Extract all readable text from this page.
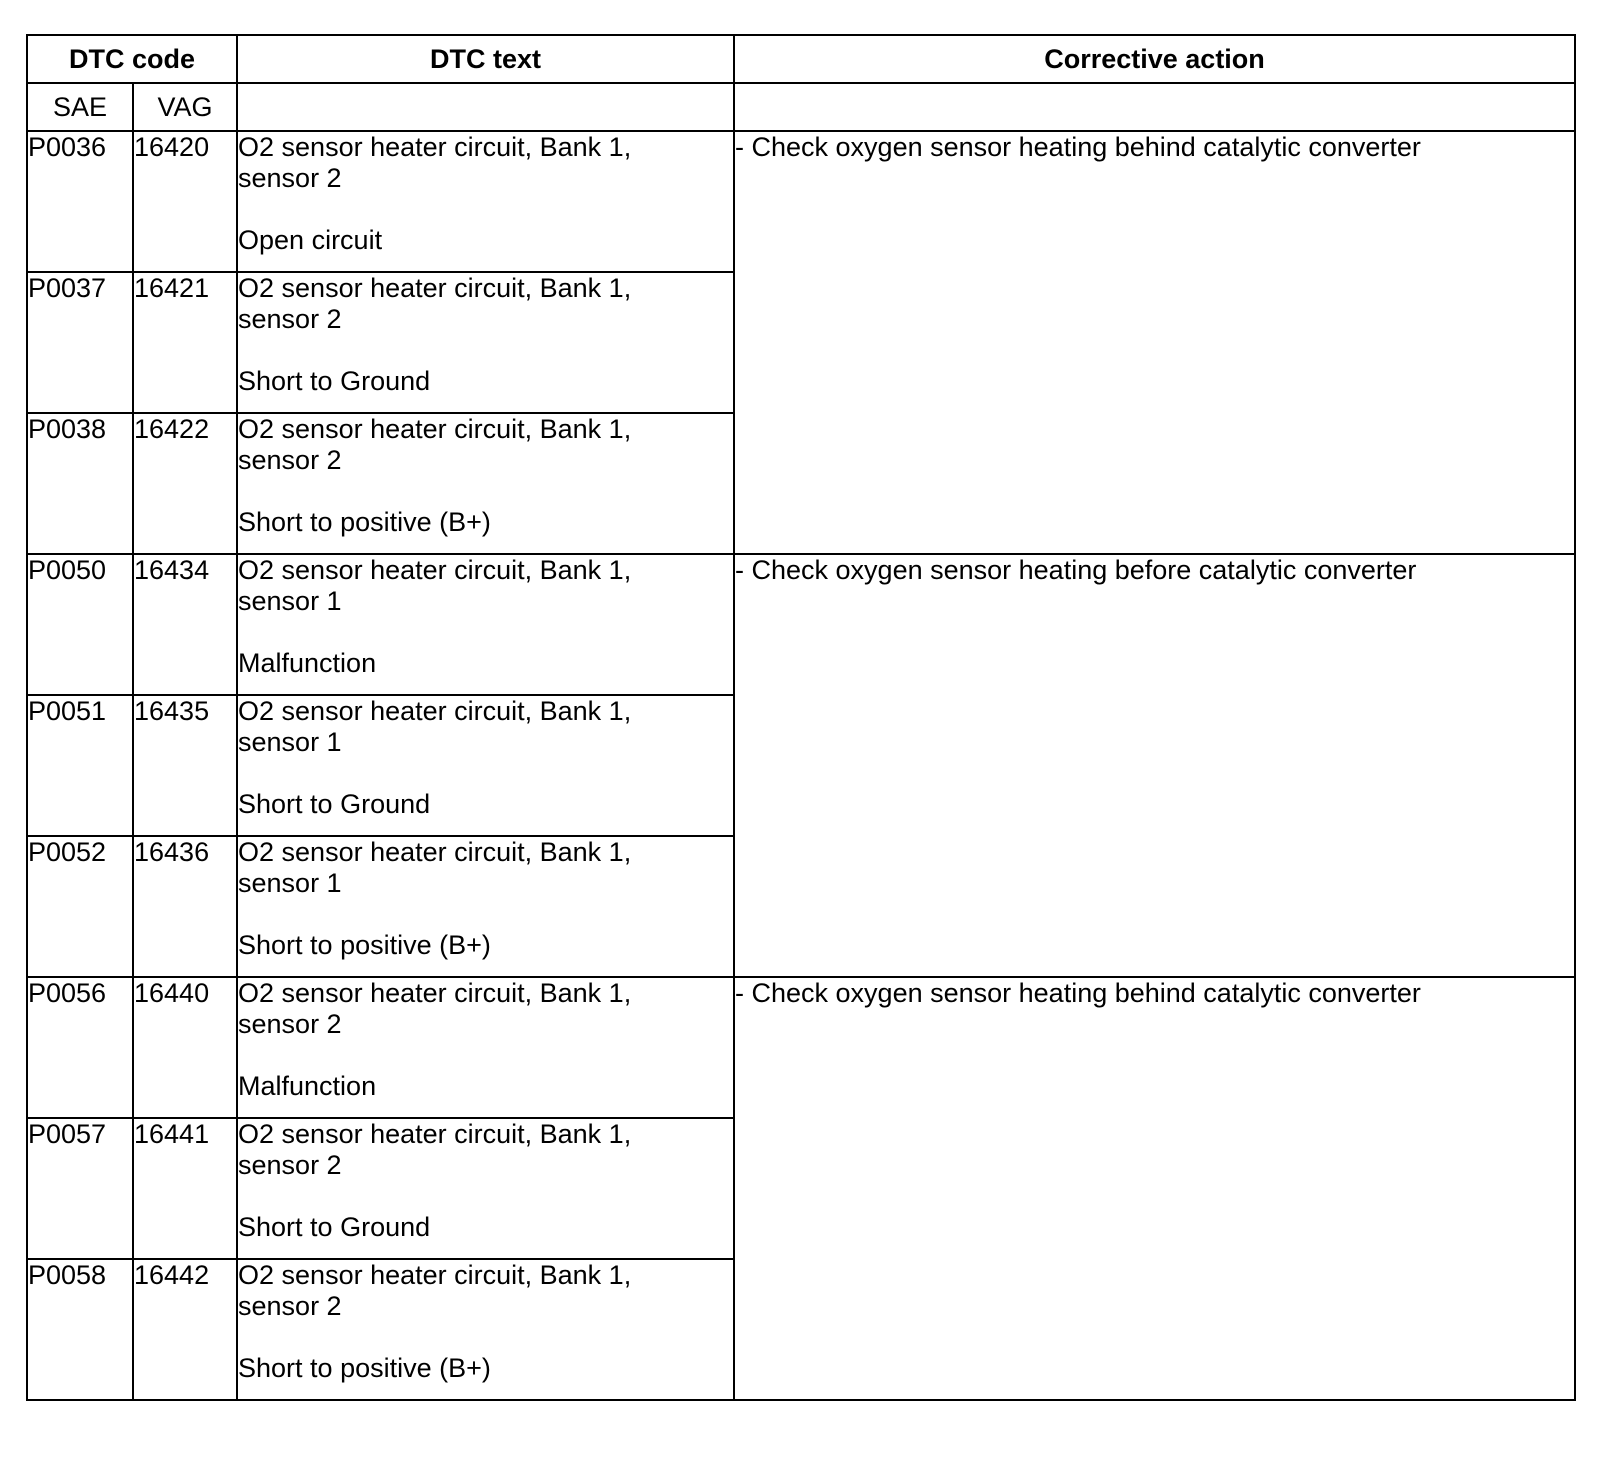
DTC code		DTC text	Corrective action
SAE	VAG		
P0036	16420	O2 sensor heater circuit, Bank 1,
sensor 2
Open circuit	- Check oxygen sensor heating behind catalytic converter
P0037	16421	O2 sensor heater circuit, Bank 1,
sensor 2
Short to Ground	

P0038	16422	O2 sensor heater circuit, Bank 1,
sensor 2
Short to positive (B+)	

P0050	16434	O2 sensor heater circuit, Bank 1,
sensor 1
Malfunction	- Check oxygen sensor heating before catalytic converter
P0051	16435	O2 sensor heater circuit, Bank 1,
sensor 1
Short to Ground	

P0052	16436	O2 sensor heater circuit, Bank 1,
sensor 1
Short to positive (B+)	

P0056	16440	O2 sensor heater circuit, Bank 1,
sensor 2
Malfunction	- Check oxygen sensor heating behind catalytic converter
P0057	16441	O2 sensor heater circuit, Bank 1,
sensor 2
Short to Ground	

P0058	16442	O2 sensor heater circuit, Bank 1,
sensor 2
Short to positive (B+)	
